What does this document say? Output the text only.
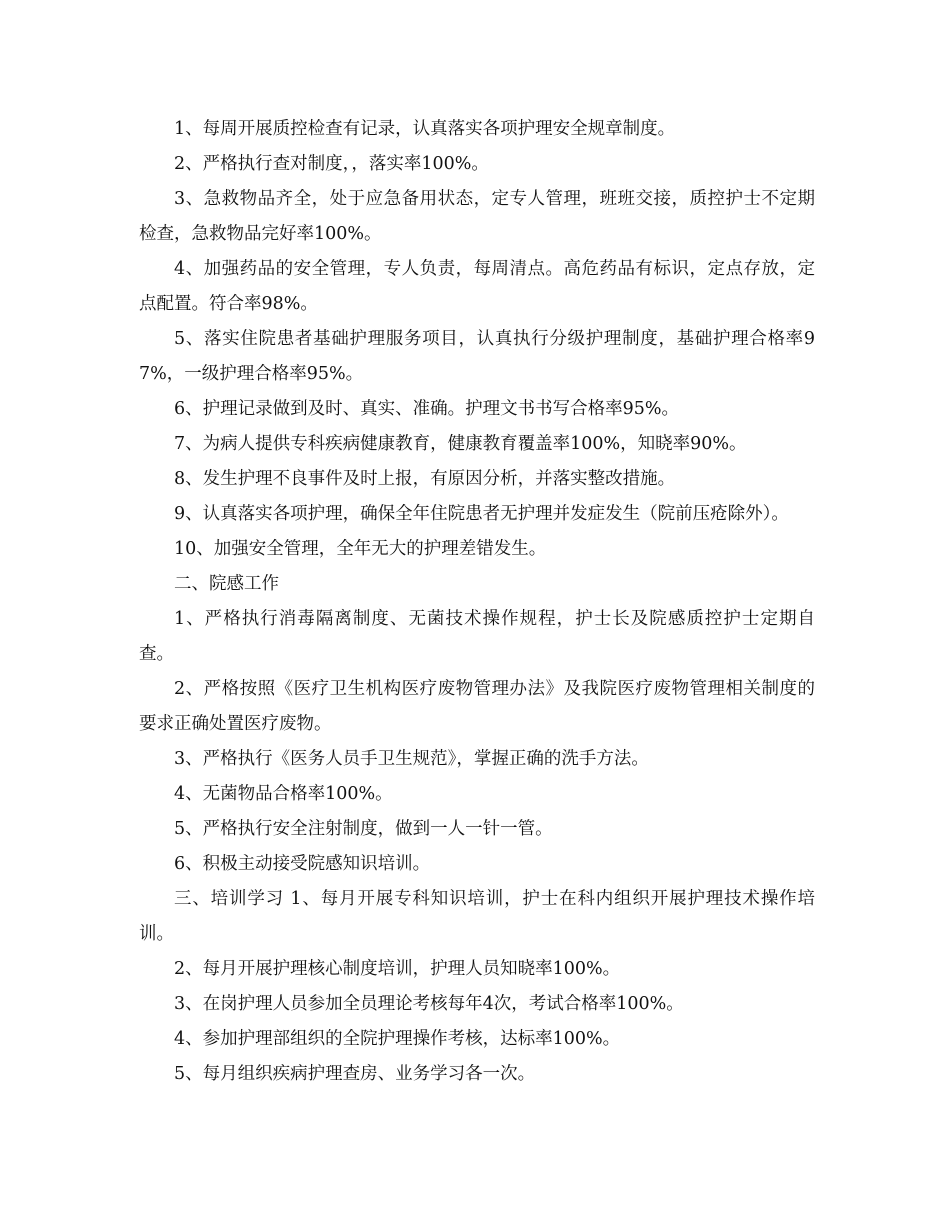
1、每周开展质控检查有记录，认真落实各项护理安全规章制度。

2、严格执行查对制度，，落实率100%。

3、急救物品齐全，处于应急备用状态，定专人管理，班班交接，质控护士不定期检查，急救物品完好率100%。

4、加强药品的安全管理，专人负责，每周清点。高危药品有标识，定点存放，定点配置。符合率98%。

5、落实住院患者基础护理服务项目，认真执行分级护理制度，基础护理合格率97%，一级护理合格率95%。

6、护理记录做到及时、真实、准确。护理文书书写合格率95%。

7、为病人提供专科疾病健康教育，健康教育覆盖率100%，知晓率90%。

8、发生护理不良事件及时上报，有原因分析，并落实整改措施。

9、认真落实各项护理，确保全年住院患者无护理并发症发生（院前压疮除外）。

10、加强安全管理，全年无大的护理差错发生。

二、院感工作

1、严格执行消毒隔离制度、无菌技术操作规程，护士长及院感质控护士定期自查。

2、严格按照《医疗卫生机构医疗废物管理办法》及我院医疗废物管理相关制度的要求正确处置医疗废物。

3、严格执行《医务人员手卫生规范》，掌握正确的洗手方法。

4、无菌物品合格率100%。

5、严格执行安全注射制度，做到一人一针一管。

6、积极主动接受院感知识培训。

三、培训学习 1、每月开展专科知识培训，护士在科内组织开展护理技术操作培训。

2、每月开展护理核心制度培训，护理人员知晓率100%。

3、在岗护理人员参加全员理论考核每年4次，考试合格率100%。

4、参加护理部组织的全院护理操作考核，达标率100%。

5、每月组织疾病护理查房、业务学习各一次。
